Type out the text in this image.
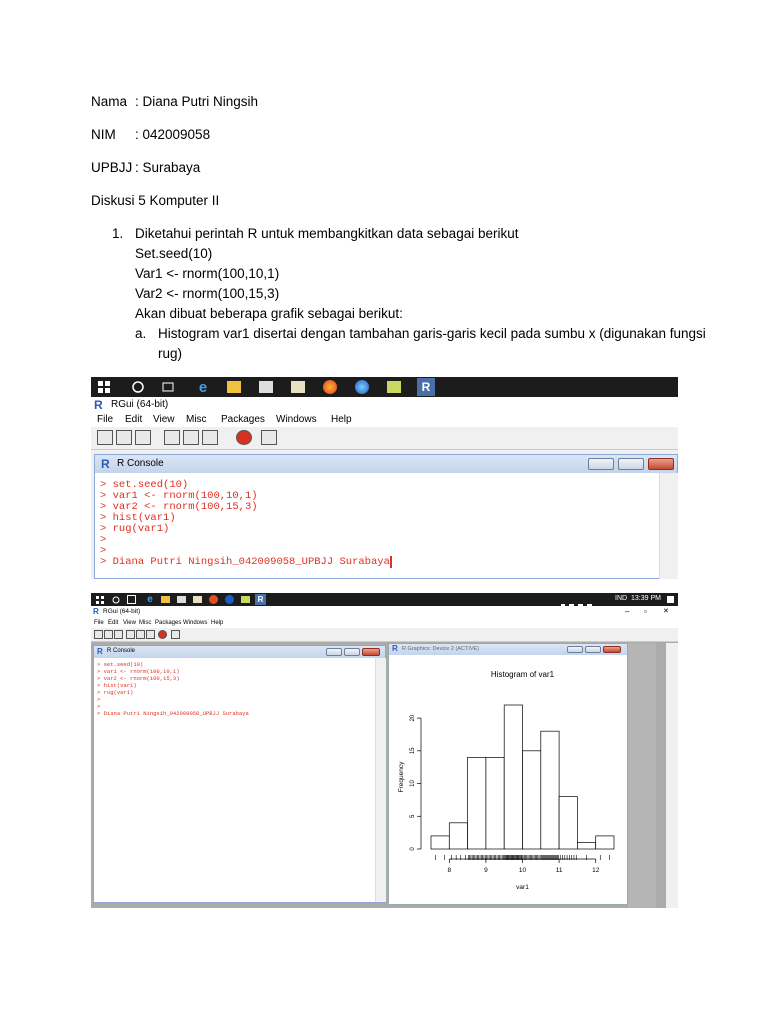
Nama : Diana Putri Ningsih
NIM : 042009058
UPBJJ : Surabaya
Diskusi 5 Komputer II
1. Diketahui perintah R untuk membangkitkan data sebagai berikut
Set.seed(10)
Var1 <- rnorm(100,10,1)
Var2 <- rnorm(100,15,3)
Akan dibuat beberapa grafik sebagai berikut:
a. Histogram var1 disertai dengan tambahan garis-garis kecil pada sumbu x (digunakan fungsi
rug)
e	R
R RGui (64-bit)
File Edit View Misc Packages Windows Help
R R Console
> set.seed(10)
> var1 <- rnorm(100,10,1)
> var2 <- rnorm(100,15,3)
> hist(var1)
> rug(var1)
>
>
> Diana Putri Ningsih_042009058_UPBJJ Surabaya
e	R	IND 13:39 PM
R RGui (64-bit)	– ▫ ✕
File Edit View Misc Packages Windows Help
R R Console
> set.seed(10)
> var1 <- rnorm(100,10,1)
> var2 <- rnorm(100,15,3)
> hist(var1)
> rug(var1)
>
>
> Diana Putri Ningsih_042009058_UPBJJ Surabaya
R R Graphics: Device 2 (ACTIVE)
Histogram of var1
0
5
10
15
20
Frequency
8	9	10	11	12
var1
